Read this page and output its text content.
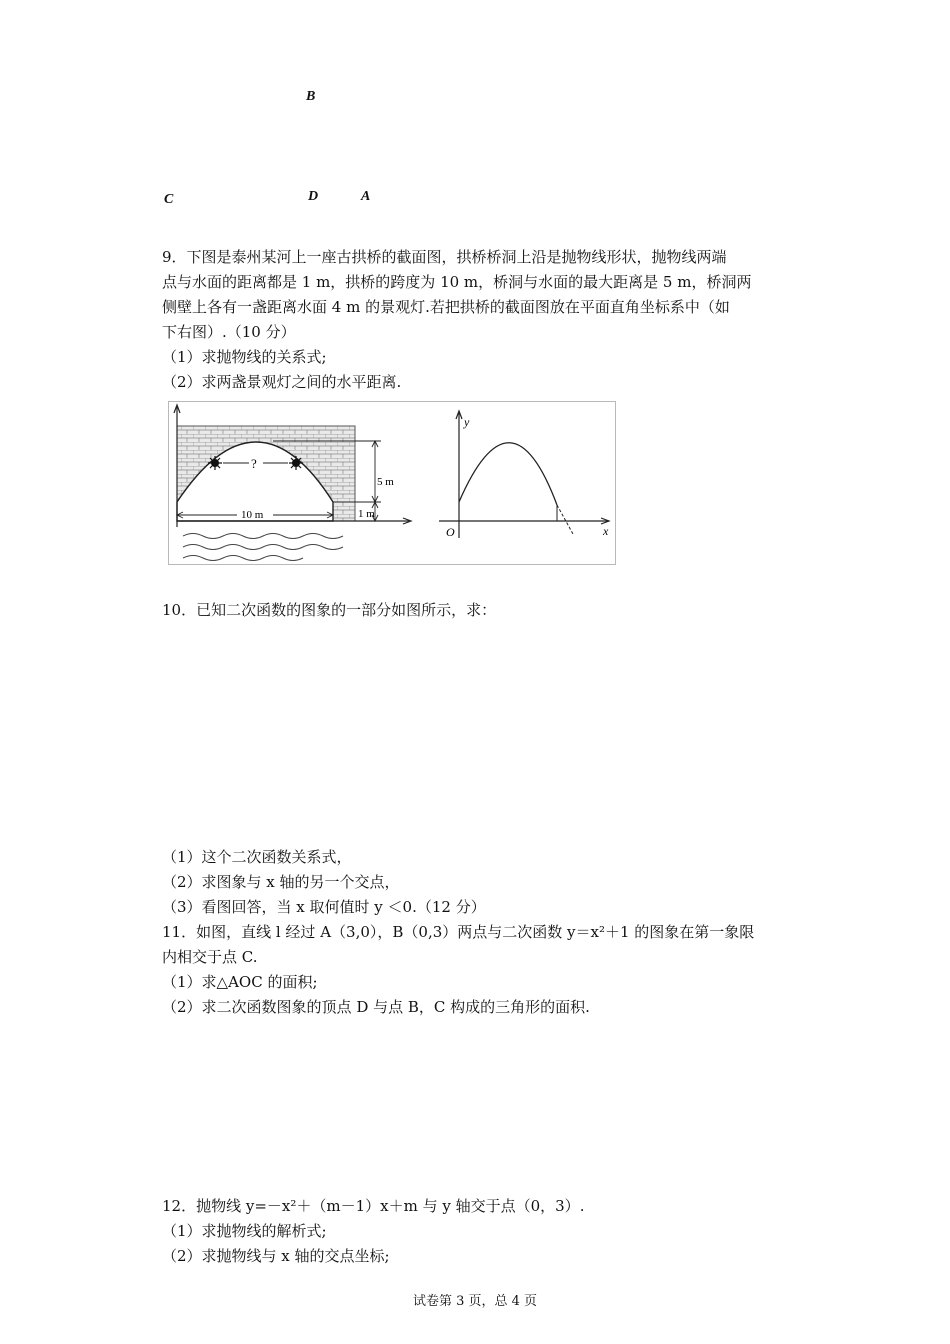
B
C	D	A
9．下图是泰州某河上一座古拱桥的截面图，拱桥桥洞上沿是抛物线形状，抛物线两端
点与水面的距离都是 1 m，拱桥的跨度为 10 m，桥洞与水面的最大距离是 5 m，桥洞两
侧壁上各有一盏距离水面 4 m 的景观灯.若把拱桥的截面图放在平面直角坐标系中（如
下右图）.（10 分）
（1）求抛物线的关系式;
（2）求两盏景观灯之间的水平距离.
?
5 m
1 m
10 m
y
x
O
10．已知二次函数的图象的一部分如图所示，求：
（1）这个二次函数关系式，
（2）求图象与 x 轴的另一个交点，
（3）看图回答，当 x 取何值时 y ＜0.（12 分）
11．如图，直线 l 经过 A（3,0），B（0,3）两点与二次函数 y＝x²＋1 的图象在第一象限
内相交于点 C.
（1）求△AOC 的面积;
（2）求二次函数图象的顶点 D 与点 B，C 构成的三角形的面积.
12．抛物线 y=－x²＋（m－1）x＋m 与 y 轴交于点（0，3）.
（1）求抛物线的解析式;
（2）求抛物线与 x 轴的交点坐标;
试卷第 3 页，总 4 页
